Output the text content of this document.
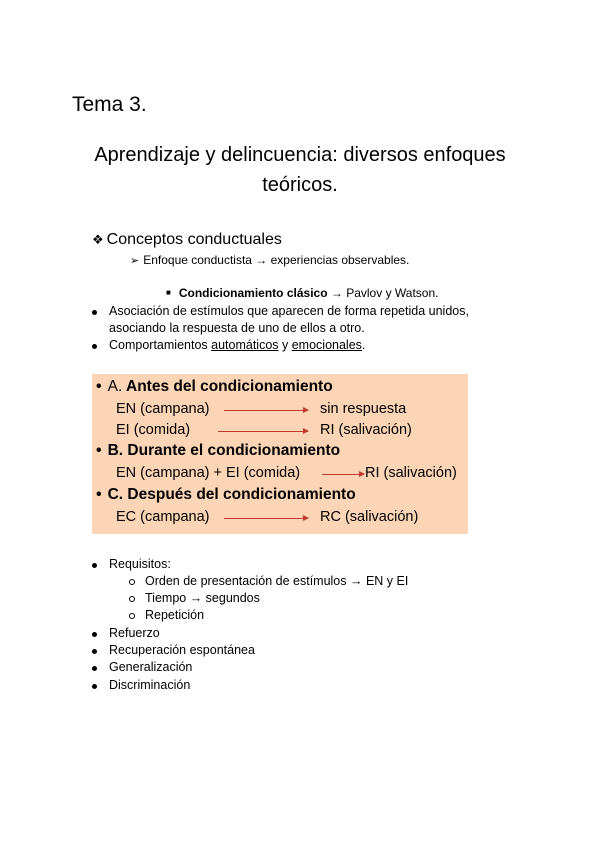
Tema 3.
Aprendizaje y delincuencia: diversos enfoques
teóricos.
❖ Conceptos conductuales
➢ Enfoque conductista → experiencias observables.
■ Condicionamiento clásico → Pavlov y Watson.
Asociación de estímulos que aparecen de forma repetida unidos,
asociando la respuesta de uno de ellos a otro.
Comportamientos automáticos y emocionales.
• A. Antes del condicionamiento
EN (campana)	sin respuesta
EI (comida)	RI (salivación)
• B. Durante el condicionamiento
EN (campana) + EI (comida)	RI (salivación)
• C. Después del condicionamiento
EC (campana)	RC (salivación)
Requisitos:
Orden de presentación de estímulos → EN y EI
Tiempo → segundos
Repetición
Refuerzo
Recuperación espontánea
Generalización
Discriminación
